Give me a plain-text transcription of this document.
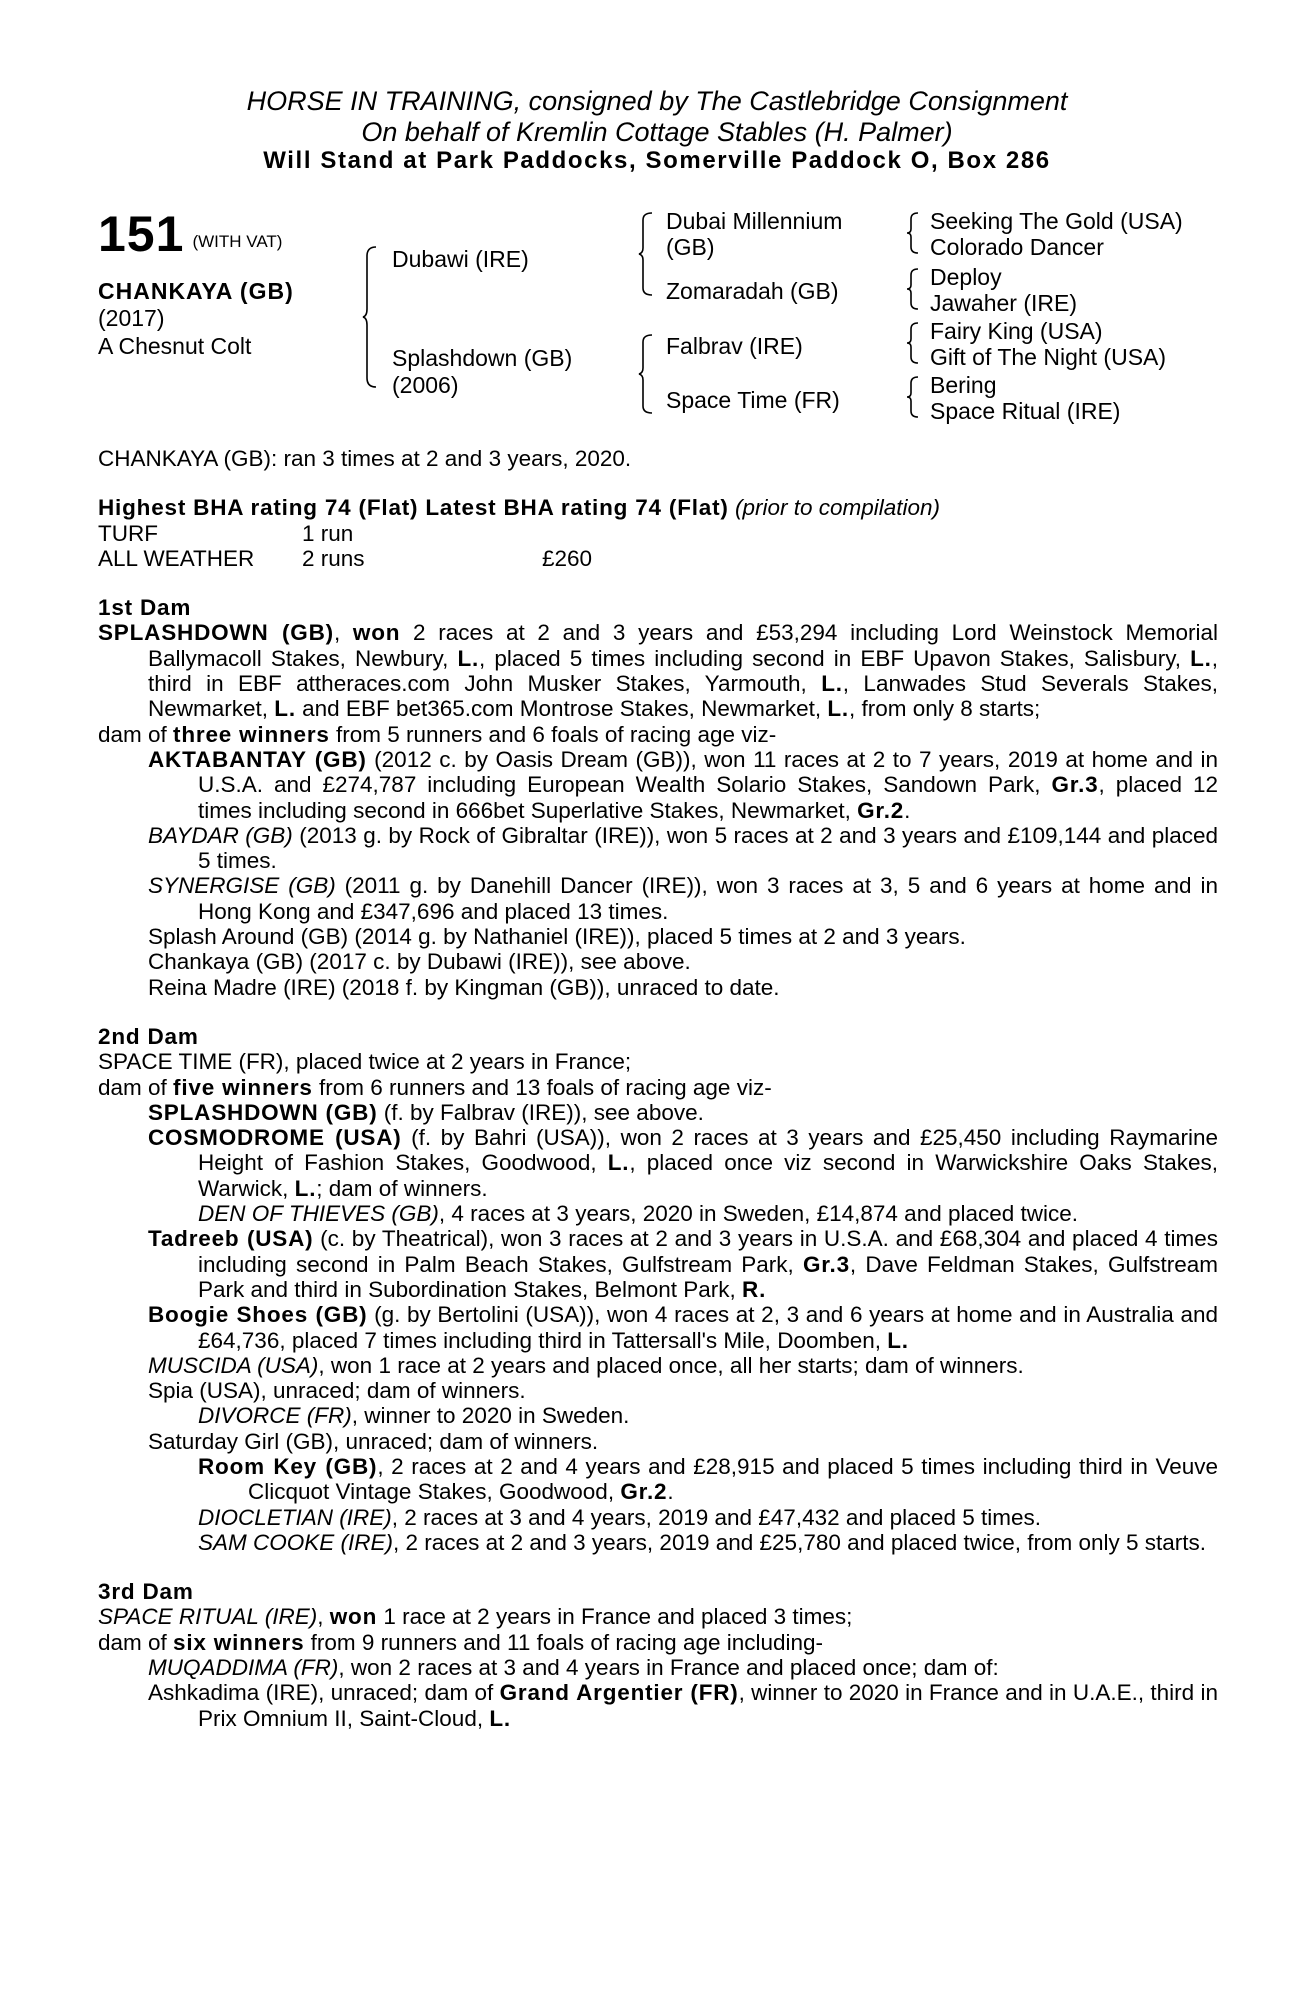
HORSE IN TRAINING, consigned by The Castlebridge Consignment
On behalf of Kremlin Cottage Stables (H. Palmer)
Will Stand at Park Paddocks, Somerville Paddock O, Box 286
151 (WITH VAT)
CHANKAYA (GB)
(2017)
A Chesnut Colt
Dubawi (IRE)
Splashdown (GB)
(2006)
Dubai Millennium
(GB)
Zomaradah (GB)
Falbrav (IRE)
Space Time (FR)
Seeking The Gold (USA)
Colorado Dancer
Deploy
Jawaher (IRE)
Fairy King (USA)
Gift of The Night (USA)
Bering
Space Ritual (IRE)

CHANKAYA (GB): ran 3 times at 2 and 3 years, 2020.

Highest BHA rating 74 (Flat) Latest BHA rating 74 (Flat) (prior to compilation)

TURF	1 run

ALL WEATHER 2 runs	£260

1st Dam

SPLASHDOWN (GB), won 2 races at 2 and 3 years and £53,294 including Lord Weinstock Memorial Ballymacoll Stakes, Newbury, L., placed 5 times including second in EBF Upavon Stakes, Salisbury, L., third in EBF attheraces.com John Musker Stakes, Yarmouth, L., Lanwades Stud Severals Stakes, Newmarket, L. and EBF bet365.com Montrose Stakes, Newmarket, L., from only 8 starts;

dam of three winners from 5 runners and 6 foals of racing age viz-

AKTABANTAY (GB) (2012 c. by Oasis Dream (GB)), won 11 races at 2 to 7 years, 2019 at home and in U.S.A. and £274,787 including European Wealth Solario Stakes, Sandown Park, Gr.3, placed 12 times including second in 666bet Superlative Stakes, Newmarket, Gr.2.

BAYDAR (GB) (2013 g. by Rock of Gibraltar (IRE)), won 5 races at 2 and 3 years and £109,144 and placed 5 times.

SYNERGISE (GB) (2011 g. by Danehill Dancer (IRE)), won 3 races at 3, 5 and 6 years at home and in Hong Kong and £347,696 and placed 13 times.

Splash Around (GB) (2014 g. by Nathaniel (IRE)), placed 5 times at 2 and 3 years.

Chankaya (GB) (2017 c. by Dubawi (IRE)), see above.

Reina Madre (IRE) (2018 f. by Kingman (GB)), unraced to date.

2nd Dam

SPACE TIME (FR), placed twice at 2 years in France;

dam of five winners from 6 runners and 13 foals of racing age viz-

SPLASHDOWN (GB) (f. by Falbrav (IRE)), see above.

COSMODROME (USA) (f. by Bahri (USA)), won 2 races at 3 years and £25,450 including Raymarine Height of Fashion Stakes, Goodwood, L., placed once viz second in Warwickshire Oaks Stakes, Warwick, L.; dam of winners.

DEN OF THIEVES (GB), 4 races at 3 years, 2020 in Sweden, £14,874 and placed twice.

Tadreeb (USA) (c. by Theatrical), won 3 races at 2 and 3 years in U.S.A. and £68,304 and placed 4 times including second in Palm Beach Stakes, Gulfstream Park, Gr.3, Dave Feldman Stakes, Gulfstream Park and third in Subordination Stakes, Belmont Park, R.

Boogie Shoes (GB) (g. by Bertolini (USA)), won 4 races at 2, 3 and 6 years at home and in Australia and £64,736, placed 7 times including third in Tattersall's Mile, Doomben, L.

MUSCIDA (USA), won 1 race at 2 years and placed once, all her starts; dam of winners.

Spia (USA), unraced; dam of winners.

DIVORCE (FR), winner to 2020 in Sweden.

Saturday Girl (GB), unraced; dam of winners.

Room Key (GB), 2 races at 2 and 4 years and £28,915 and placed 5 times including third in Veuve Clicquot Vintage Stakes, Goodwood, Gr.2.

DIOCLETIAN (IRE), 2 races at 3 and 4 years, 2019 and £47,432 and placed 5 times.

SAM COOKE (IRE), 2 races at 2 and 3 years, 2019 and £25,780 and placed twice, from only 5 starts.

3rd Dam

SPACE RITUAL (IRE), won 1 race at 2 years in France and placed 3 times;

dam of six winners from 9 runners and 11 foals of racing age including-

MUQADDIMA (FR), won 2 races at 3 and 4 years in France and placed once; dam of:

Ashkadima (IRE), unraced; dam of Grand Argentier (FR), winner to 2020 in France and in U.A.E., third in Prix Omnium II, Saint-Cloud, L.
